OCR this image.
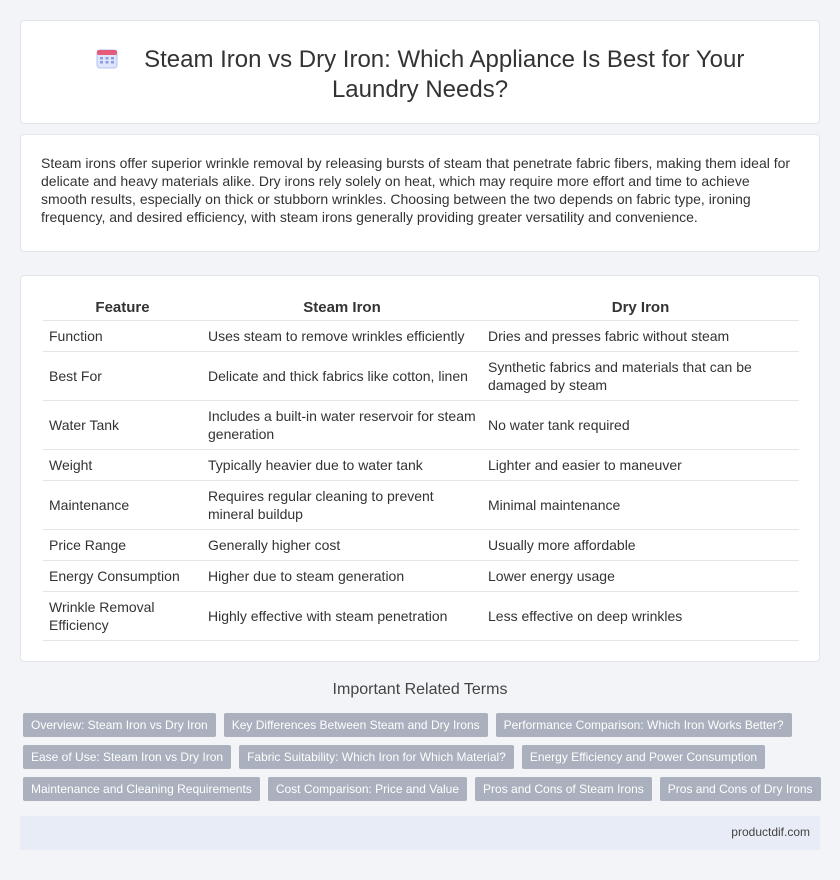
Steam Iron vs Dry Iron: Which Appliance Is Best for Your Laundry Needs?

Steam irons offer superior wrinkle removal by releasing bursts of steam that penetrate fabric fibers, making them ideal for delicate and heavy materials alike. Dry irons rely solely on heat, which may require more effort and time to achieve smooth results, especially on thick or stubborn wrinkles. Choosing between the two depends on fabric type, ironing frequency, and desired efficiency, with steam irons generally providing greater versatility and convenience.

Feature	Steam Iron	Dry Iron
Function	Uses steam to remove wrinkles efficiently	Dries and presses fabric without steam
Best For	Delicate and thick fabrics like cotton, linen	Synthetic fabrics and materials that can be damaged by steam
Water Tank	Includes a built-in water reservoir for steam generation	No water tank required
Weight	Typically heavier due to water tank	Lighter and easier to maneuver
Maintenance	Requires regular cleaning to prevent mineral buildup	Minimal maintenance
Price Range	Generally higher cost	Usually more affordable
Energy Consumption	Higher due to steam generation	Lower energy usage
Wrinkle Removal Efficiency	Highly effective with steam penetration	Less effective on deep wrinkles
Important Related Terms
Overview: Steam Iron vs Dry Iron	Key Differences Between Steam and Dry Irons	Performance Comparison: Which Iron Works Better?
Ease of Use: Steam Iron vs Dry Iron	Fabric Suitability: Which Iron for Which Material?	Energy Efficiency and Power Consumption
Maintenance and Cleaning Requirements	Cost Comparison: Price and Value	Pros and Cons of Steam Irons	Pros and Cons of Dry Irons
productdif.com
